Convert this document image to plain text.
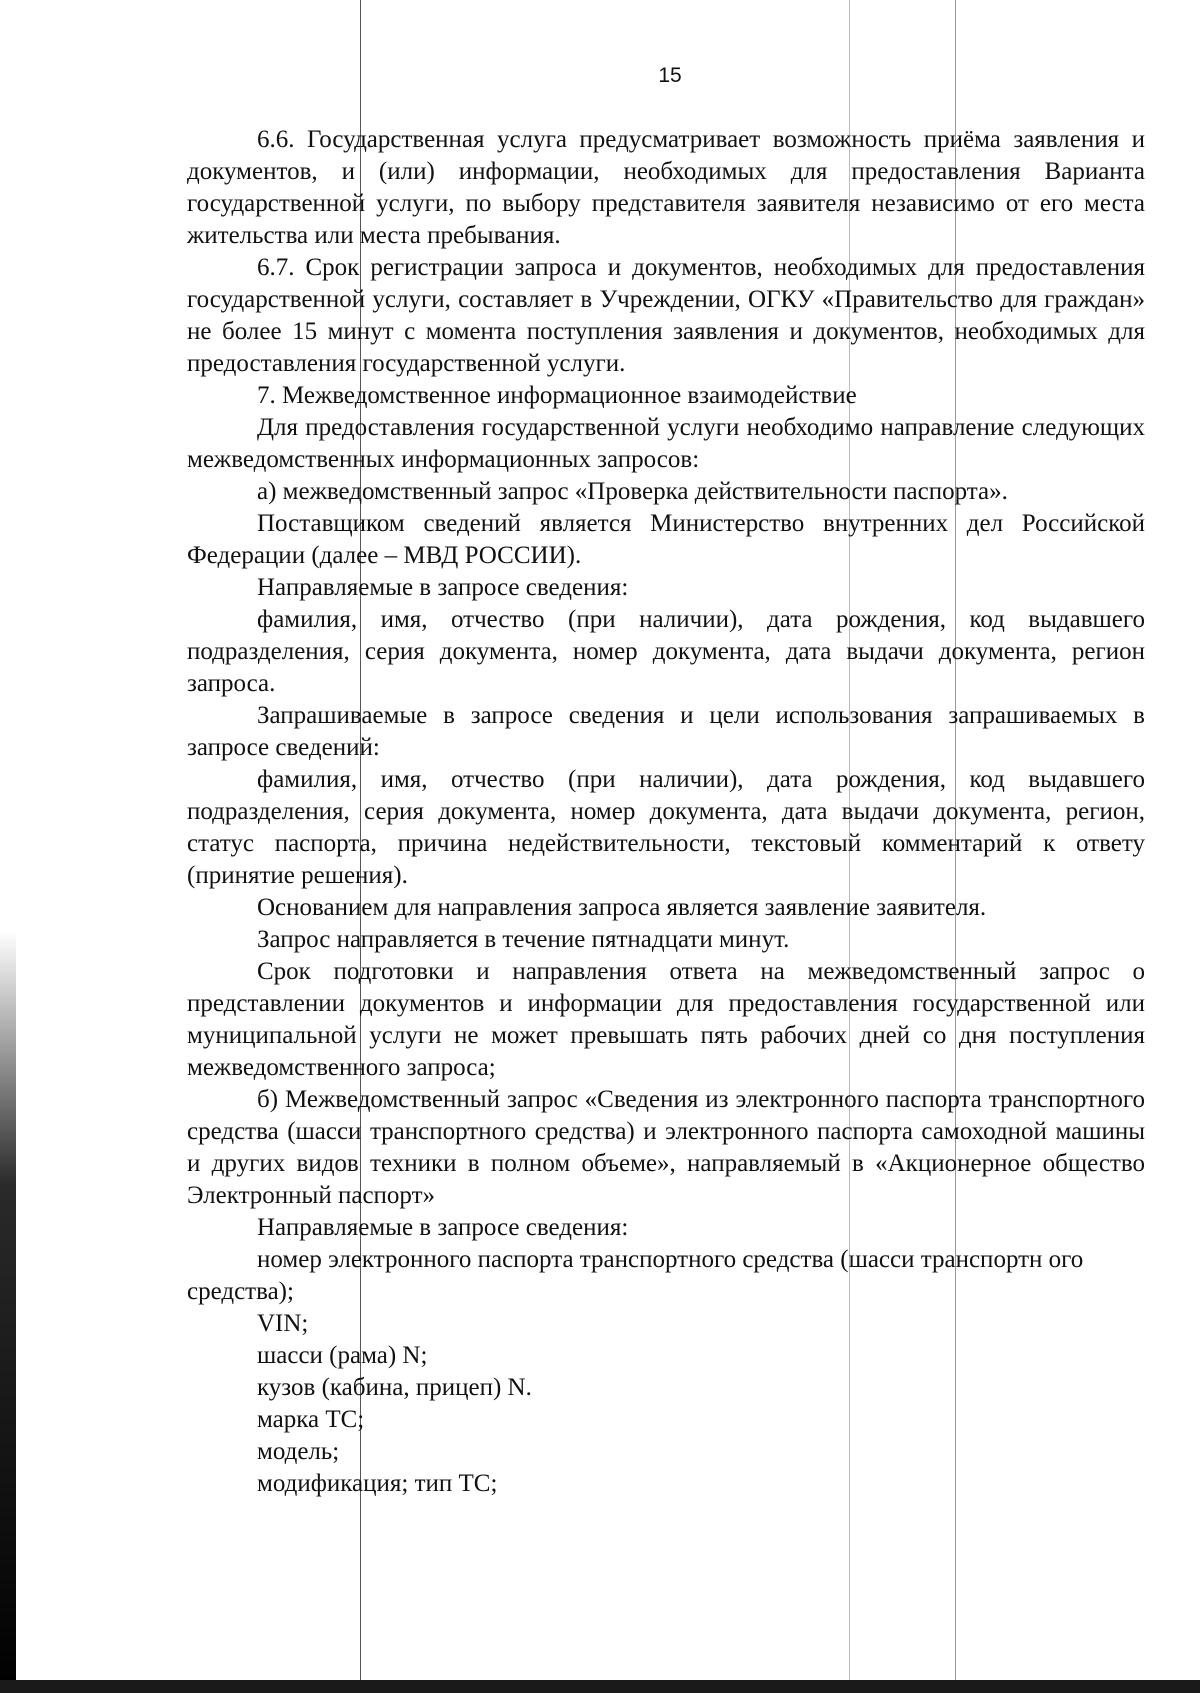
15

6.6. Государственная услуга предусматривает возможность приёма заявления и документов, и (или) информации, необходимых для предоставления Варианта государственной услуги, по выбору представителя заявителя независимо от его места жительства или места пребывания.

6.7. Срок регистрации запроса и документов, необходимых для предоставления государственной услуги, составляет в Учреждении, ОГКУ «Правительство для граждан» не более 15 минут с момента поступления заявления и документов, необходимых для предоставления государственной услуги.

7. Межведомственное информационное взаимодействие

Для предоставления государственной услуги необходимо направление следующих межведомственных информационных запросов:

а) межведомственный запрос «Проверка действительности паспорта».

Поставщиком сведений является Министерство внутренних дел Российской Федерации (далее – МВД РОССИИ).

Направляемые в запросе сведения:

фамилия, имя, отчество (при наличии), дата рождения, код выдавшего подразделения, серия документа, номер документа, дата выдачи документа, регион запроса.

Запрашиваемые в запросе сведения и цели использования запрашиваемых в запросе сведений:

фамилия, имя, отчество (при наличии), дата рождения, код выдавшего подразделения, серия документа, номер документа, дата выдачи документа, регион, статус паспорта, причина недействительности, текстовый комментарий к ответу (принятие решения).

Основанием для направления запроса является заявление заявителя.

Запрос направляется в течение пятнадцати минут.

Срок подготовки и направления ответа на межведомственный запрос о представлении документов и информации для предоставления государственной или муниципальной услуги не может превышать пять рабочих дней со дня поступления межведомственного запроса;

б) Межведомственный запрос «Сведения из электронного паспорта транспортного средства (шасси транспортного средства) и электронного паспорта самоходной машины и других видов техники в полном объеме», направляемый в «Акционерное общество Электронный паспорт»

Направляемые в запросе сведения:

номер электронного паспорта транспортного средства (шасси транспортн ого средства);

VIN;

шасси (рама) N;

кузов (кабина, прицеп) N.

марка ТС;

модель;

модификация; тип ТС;
